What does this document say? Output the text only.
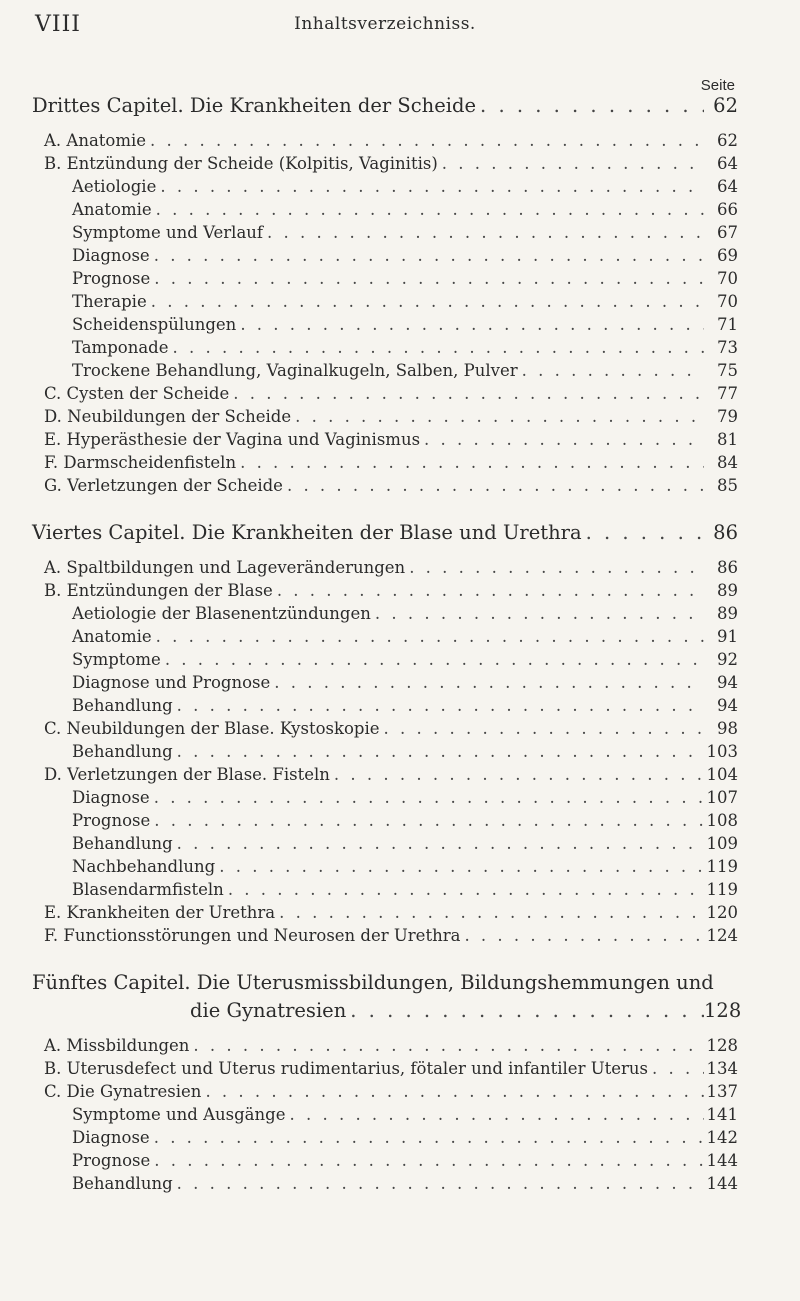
VIII	Inhaltsverzeichniss.
Seite
Drittes Capitel. Die Krankheiten der Scheide . . .	62
A. Anatomie . . .	62
B. Entzündung der Scheide (Kolpitis, Vaginitis) . . .	64
Aetiologie . . .	64
Anatomie . . .	66
Symptome und Verlauf . . .	67
Diagnose . . .	69
Prognose . . .	70
Therapie . . .	70
Scheidenspülungen . . .	71
Tamponade . . .	73
Trockene Behandlung, Vaginalkugeln, Salben, Pulver . . .	75
C. Cysten der Scheide . . .	77
D. Neubildungen der Scheide . . .	79
E. Hyperästhesie der Vagina und Vaginismus . . .	81
F. Darmscheidenfisteln . . .	84
G. Verletzungen der Scheide . . .	85
Viertes Capitel. Die Krankheiten der Blase und Urethra . . .	86
A. Spaltbildungen und Lageveränderungen . . .	86
B. Entzündungen der Blase . . .	89
Aetiologie der Blasenentzündungen . . .	89
Anatomie . . .	91
Symptome . . .	92
Diagnose und Prognose . . .	94
Behandlung . . .	94
C. Neubildungen der Blase. Kystoskopie . . .	98
Behandlung . . .	103
D. Verletzungen der Blase. Fisteln . . .	104
Diagnose . . .	107
Prognose . . .	108
Behandlung . . .	109
Nachbehandlung . . .	119
Blasendarmfisteln . . .	119
E. Krankheiten der Urethra . . .	120
F. Functionsstörungen und Neurosen der Urethra . . .	124
Fünftes Capitel. Die Uterusmissbildungen, Bildungshemmungen und
die Gynatresien . . .	128
A. Missbildungen . . .	128
B. Uterusdefect und Uterus rudimentarius, fötaler und infantiler Uterus . . .	134
C. Die Gynatresien . . .	137
Symptome und Ausgänge . . .	141
Diagnose . . .	142
Prognose . . .	144
Behandlung . . .	144
